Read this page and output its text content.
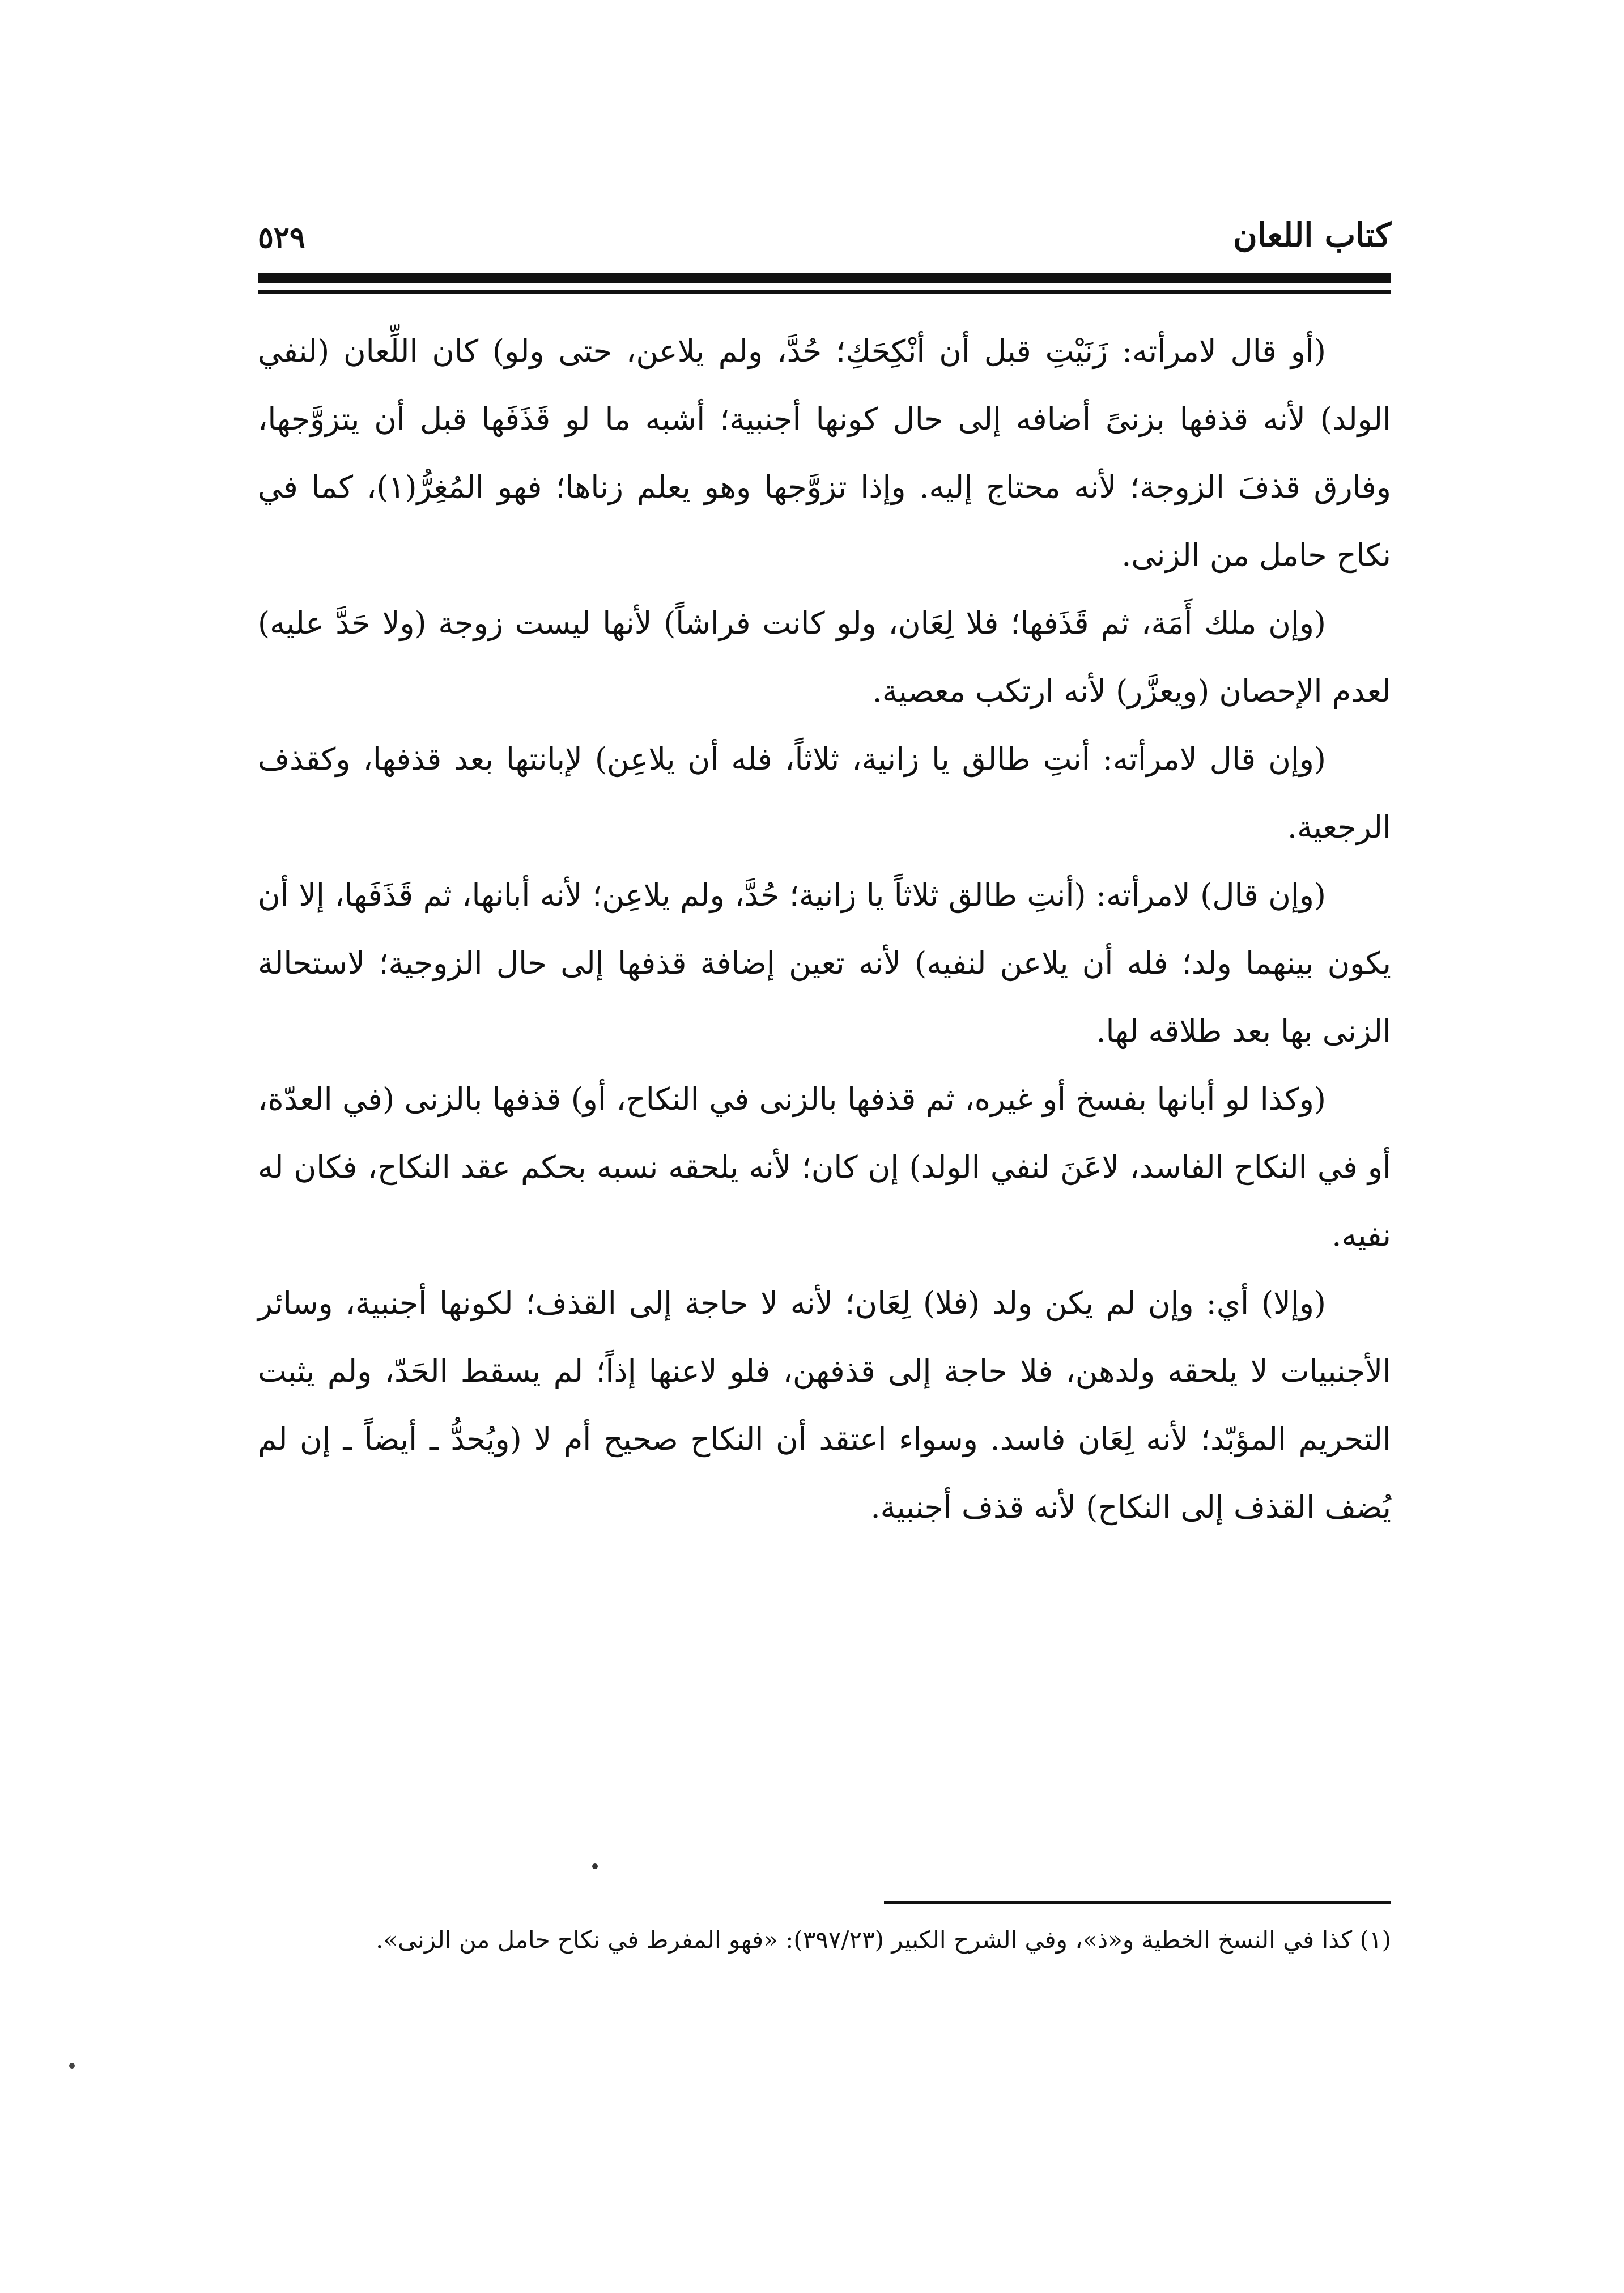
كتاب اللعان
٥٢٩

(أو قال لامرأته: زَنَيْتِ قبل أن أنْكِحَكِ؛ حُدَّ، ولم يلاعن، حتى ولو) كان اللِّعان (لنفي الولد) لأنه قذفها بزنىً أضافه إلى حال كونها أجنبية؛ أشبه ما لو قَذَفَها قبل أن يتزوَّجها، وفارق قذفَ الزوجة؛ لأنه محتاج إليه. وإذا تزوَّجها وهو يعلم زناها؛ فهو المُغِرُّ(١)، كما في نكاح حامل من الزنى.

(وإن ملك أَمَة، ثم قَذَفها؛ فلا لِعَان، ولو كانت فراشاً) لأنها ليست زوجة (ولا حَدَّ عليه) لعدم الإحصان (ويعزَّر) لأنه ارتكب معصية.

(وإن قال لامرأته: أنتِ طالق يا زانية، ثلاثاً، فله أن يلاعِن) لإبانتها بعد قذفها، وكقذف الرجعية.

(وإن قال) لامرأته: (أنتِ طالق ثلاثاً يا زانية؛ حُدَّ، ولم يلاعِن؛ لأنه أبانها، ثم قَذَفَها، إلا أن يكون بينهما ولد؛ فله أن يلاعن لنفيه) لأنه تعين إضافة قذفها إلى حال الزوجية؛ لاستحالة الزنى بها بعد طلاقه لها.

(وكذا لو أبانها بفسخ أو غيره، ثم قذفها بالزنى في النكاح، أو) قذفها بالزنى (في العدّة، أو في النكاح الفاسد، لاعَنَ لنفي الولد) إن كان؛ لأنه يلحقه نسبه بحكم عقد النكاح، فكان له نفيه.

(وإلا) أي: وإن لم يكن ولد (فلا) لِعَان؛ لأنه لا حاجة إلى القذف؛ لكونها أجنبية، وسائر الأجنبيات لا يلحقه ولدهن، فلا حاجة إلى قذفهن، فلو لاعنها إذاً؛ لم يسقط الحَدّ، ولم يثبت التحريم المؤبّد؛ لأنه لِعَان فاسد. وسواء اعتقد أن النكاح صحيح أم لا (ويُحدُّ ـ أيضاً ـ إن لم يُضف القذف إلى النكاح) لأنه قذف أجنبية.

(١) كذا في النسخ الخطية و«ذ»، وفي الشرح الكبير (٣٩٧/٢٣): «فهو المفرط في نكاح حامل من الزنى».
